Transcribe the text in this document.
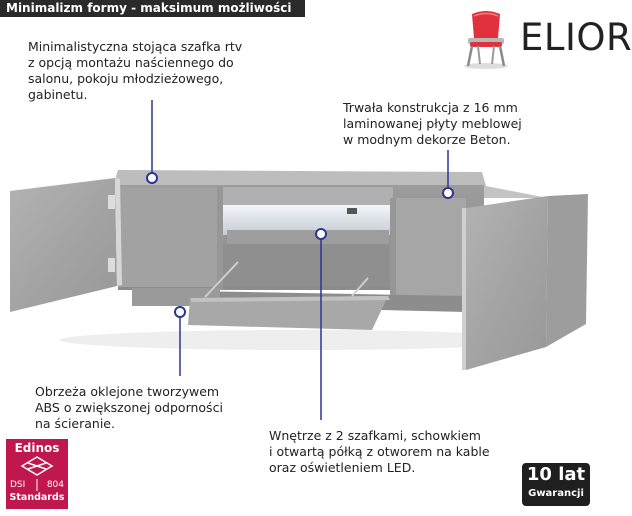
Minimalizm formy - maksimum możliwości
ELIOR
Minimalistyczna stojąca szafka rtv
z opcją montażu naściennego do
salonu, pokoju młodzieżowego,
gabinetu.
Trwała konstrukcja z 16 mm
laminowanej płyty meblowej
w modnym dekorze Beton.
Obrzeża oklejone tworzywem
ABS o zwiększonej odporności
na ścieranie.
Wnętrze z 2 szafkami, schowkiem
i otwartą półką z otworem na kable
oraz oświetleniem LED.
Edinos
DSI 804
Standards
10 lat
Gwarancji
